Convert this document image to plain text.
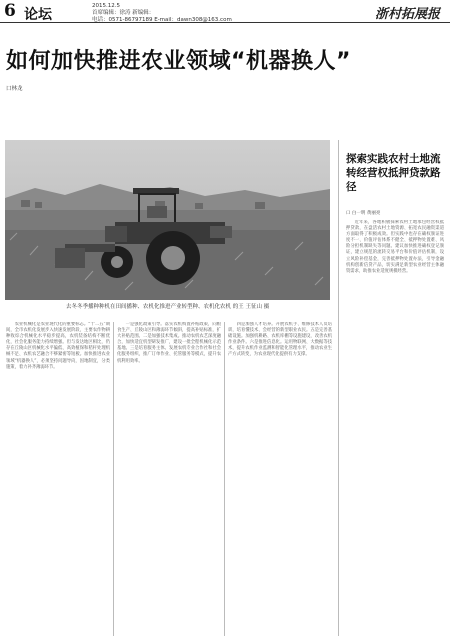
6 论坛
2015.12.5
首席编辑：徐涛 新编辑：
电话：0571-86797189 E-mail：dawn308@163.com	浙村拓展报
如何加快推进农业领域“机器换人”
口林龙
去冬冬季播种种机在田间播种、农机化推进产业转型种、农机化农机 的王 王征山 摄

农业机械化是农业现代化的重要标志。“十二五”期间，全市农机化发展步入快速发展阶段，主要农作物耕种收综合机械化水平稳步提高，农机装备结构不断优化，社会化服务能力持续增强。但与发达地区相比，仍存在丘陵山区机械化水平偏低、高效植保和秸秆处理机械不足、农机农艺融合不够紧密等短板。加快推进农业领域“机器换人”，必须坚持问题导向，因地制宜，分类施策，着力补齐薄弱环节。

一是强化政策引导。落实农机购置补贴政策，向粮食生产、丘陵山区和薄弱环节倾斜，提高补贴标准，扩大补贴范围。二是加强技术集成。推动农机农艺深度融合，加快适宜机型研发推广，建设一批全程机械化示范基地。三是培育服务主体。发展农机专业合作社和社会化服务组织，推广订单作业、托管服务等模式，提升农机利用效率。

四是加强人才培养。开展农机手、维修技术人员培训，培育懂技术、会经营的新型职业农民。五是完善基础设施。加强机耕路、农机库棚等设施建设，改善农机作业条件。六是推进信息化。运用物联网、大数据等技术，提升农机作业监测和智能化管理水平，推动农业生产方式转变，为农业现代化提供有力支撑。

探索实践农村土地流转经营权抵押贷款路径
口 白一明 黄丽亮

近年来，各地积极探索农村土地承包经营权抵押贷款，在盘活农村土地资源、拓宽农民融资渠道方面取得了积极成效。但实践中也存在确权颁证进度不一、价值评估体系不健全、抵押物处置难、风险分担机制缺失等问题。建议加快推进确权登记颁证，建立规范的流转交易平台和价值评估机制，设立风险补偿基金，完善抵押物处置办法，引导金融机构创新信贷产品，切实满足新型农业经营主体融资需求，助推农业适度规模经营。
